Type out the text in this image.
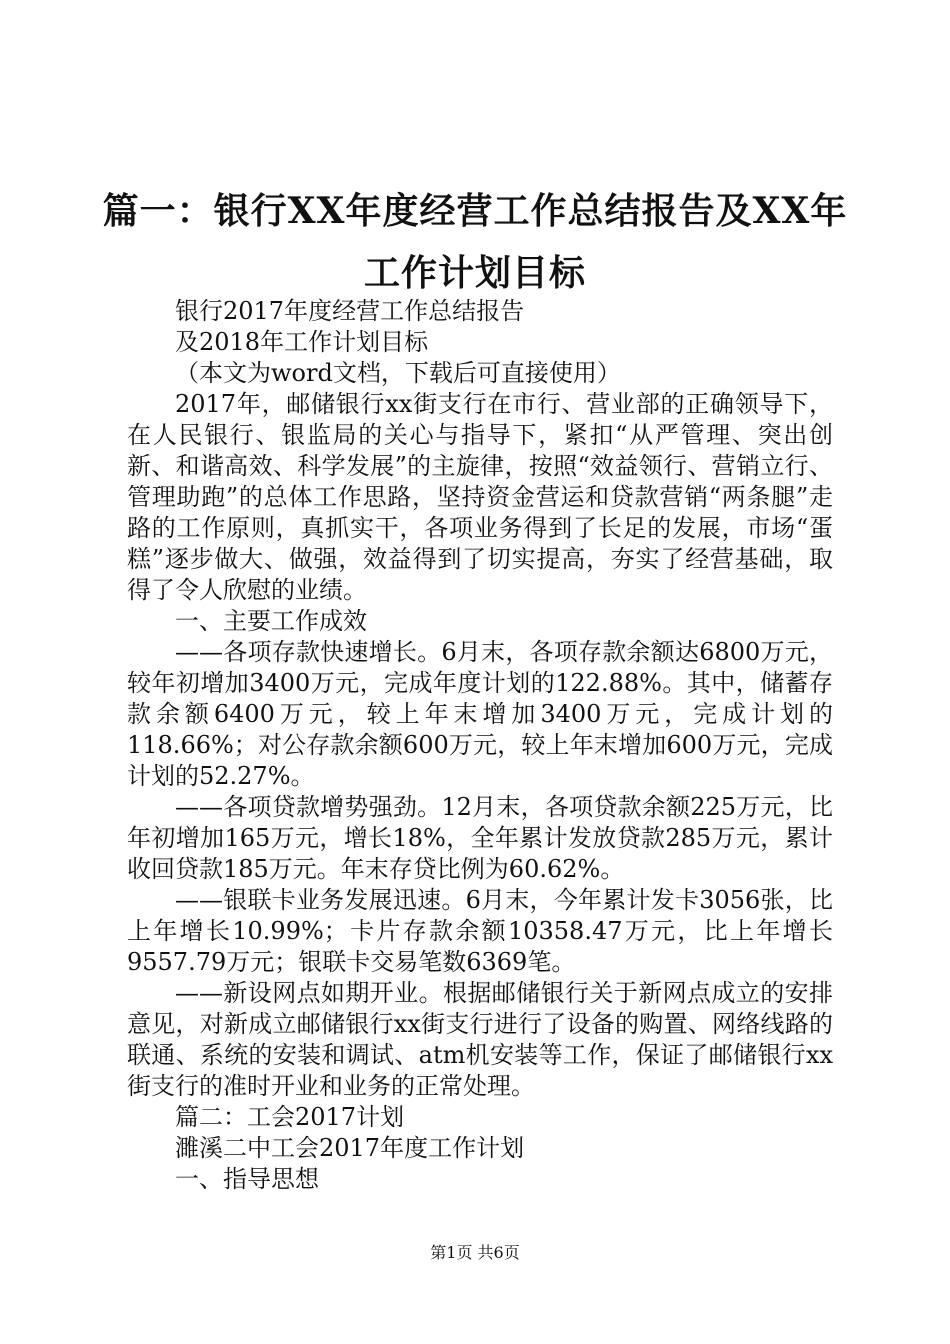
篇一：银行XX年度经营工作总结报告及XX年
工作计划目标

银行2017年度经营工作总结报告

及2018年工作计划目标

（本文为word文档，下载后可直接使用）

2017年，邮储银行xx街支行在市行、营业部的正确领导下，在人民银行、银监局的关心与指导下，紧扣“从严管理、突出创新、和谐高效、科学发展”的主旋律，按照“效益领行、营销立行、管理助跑”的总体工作思路，坚持资金营运和贷款营销“两条腿”走路的工作原则，真抓实干，各项业务得到了长足的发展，市场“蛋糕”逐步做大、做强，效益得到了切实提高，夯实了经营基础，取得了令人欣慰的业绩。

一、主要工作成效

——各项存款快速增长。6月末，各项存款余额达6800万元，较年初增加3400万元，完成年度计划的122.88%。其中，储蓄存款余额6400万元，较上年末增加3400万元，完成计划的118.66%；对公存款余额600万元，较上年末增加600万元，完成计划的52.27%。

——各项贷款增势强劲。12月末，各项贷款余额225万元，比年初增加165万元，增长18%，全年累计发放贷款285万元，累计收回贷款185万元。年末存贷比例为60.62%。

——银联卡业务发展迅速。6月末，今年累计发卡3056张，比上年增长10.99%；卡片存款余额10358.47万元，比上年增长9557.79万元；银联卡交易笔数6369笔。

——新设网点如期开业。根据邮储银行关于新网点成立的安排意见，对新成立邮储银行xx街支行进行了设备的购置、网络线路的联通、系统的安装和调试、atm机安装等工作，保证了邮储银行xx街支行的准时开业和业务的正常处理。

篇二：工会2017计划

濉溪二中工会2017年度工作计划

一、指导思想

第1页 共6页
